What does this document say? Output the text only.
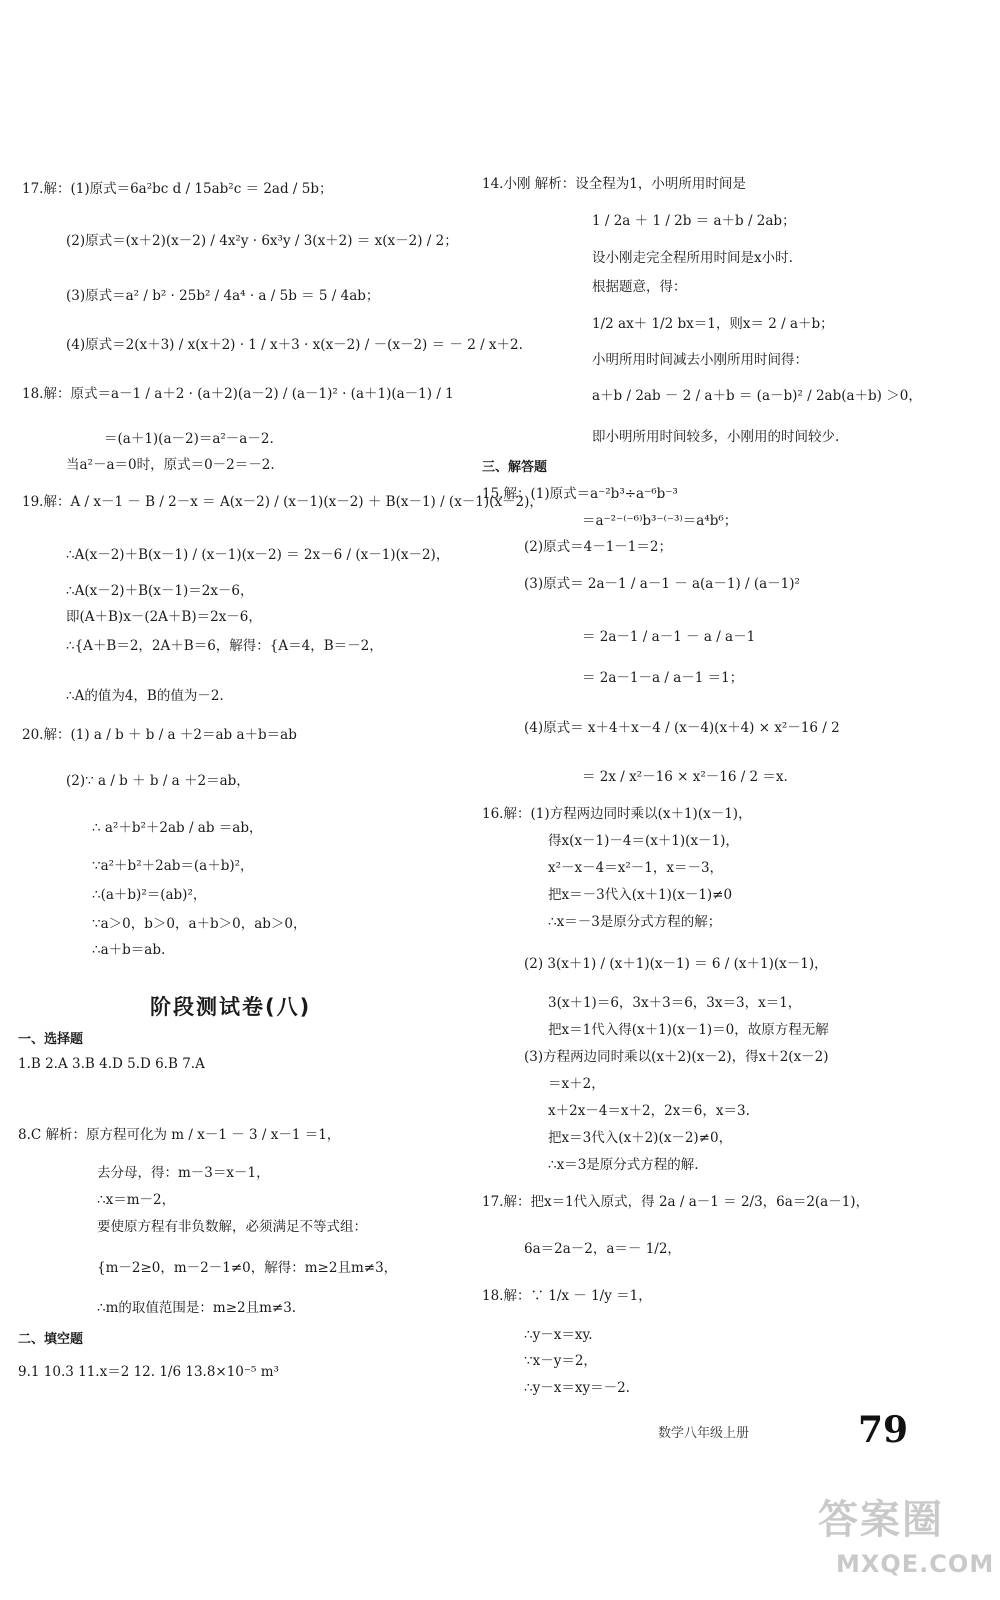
17.解：(1)原式＝6a²bc d / 15ab²c ＝ 2ad / 5b；
(2)原式＝(x＋2)(x－2) / 4x²y · 6x³y / 3(x＋2) ＝ x(x－2) / 2；
(3)原式＝a² / b² · 25b² / 4a⁴ · a / 5b ＝ 5 / 4ab；
(4)原式＝2(x＋3) / x(x＋2) · 1 / x＋3 · x(x－2) / －(x－2) ＝ － 2 / x＋2.
18.解：原式＝a－1 / a＋2 · (a＋2)(a－2) / (a－1)² · (a＋1)(a－1) / 1
＝(a＋1)(a－2)＝a²－a－2.
当a²－a＝0时，原式＝0－2＝－2.
19.解：A / x－1 － B / 2－x ＝ A(x－2) / (x－1)(x－2) ＋ B(x－1) / (x－1)(x－2)，
∴A(x－2)＋B(x－1) / (x－1)(x－2) ＝ 2x－6 / (x－1)(x－2)，
∴A(x－2)＋B(x－1)＝2x－6，
即(A＋B)x－(2A＋B)＝2x－6，
∴{A＋B＝2，2A＋B＝6，解得：{A＝4，B＝－2，
∴A的值为4，B的值为－2.
20.解：(1) a / b ＋ b / a ＋2＝ab a＋b＝ab
(2)∵ a / b ＋ b / a ＋2＝ab，
∴ a²＋b²＋2ab / ab ＝ab，
∵a²＋b²＋2ab＝(a＋b)²，
∴(a＋b)²＝(ab)²，
∵a＞0，b＞0，a＋b＞0，ab＞0，
∴a＋b＝ab.
1.B 2.A 3.B 4.D 5.D 6.B 7.A
8.C 解析：原方程可化为 m / x－1 － 3 / x－1 ＝1，
去分母，得：m－3＝x－1，
∴x＝m－2，
要使原方程有非负数解，必须满足不等式组：
{m－2≥0，m－2－1≠0，解得：m≥2且m≠3，
∴m的取值范围是：m≥2且m≠3.
9.1 10.3 11.x＝2 12. 1/6 13.8×10⁻⁵ m³
14.小刚 解析：设全程为1，小明所用时间是
1 / 2a ＋ 1 / 2b ＝ a＋b / 2ab；
设小刚走完全程所用时间是x小时.
根据题意，得：
1/2 ax＋ 1/2 bx＝1，则x＝ 2 / a＋b；
小明所用时间减去小刚所用时间得：
a＋b / 2ab － 2 / a＋b ＝ (a－b)² / 2ab(a＋b) ＞0，
即小明所用时间较多，小刚用的时间较少.
15.解：(1)原式＝a⁻²b³÷a⁻⁶b⁻³
＝a⁻²⁻⁽⁻⁶⁾b³⁻⁽⁻³⁾＝a⁴b⁶；
(2)原式＝4－1－1＝2；
(3)原式＝ 2a－1 / a－1 － a(a－1) / (a－1)²
＝ 2a－1 / a－1 － a / a－1
＝ 2a－1－a / a－1 ＝1；
(4)原式＝ x＋4＋x－4 / (x－4)(x＋4) × x²－16 / 2
＝ 2x / x²－16 × x²－16 / 2 ＝x.
16.解：(1)方程两边同时乘以(x＋1)(x－1)，
得x(x－1)－4＝(x＋1)(x－1)，
x²－x－4＝x²－1，x＝－3，
把x＝－3代入(x＋1)(x－1)≠0
∴x＝－3是原分式方程的解；
(2) 3(x＋1) / (x＋1)(x－1) ＝ 6 / (x＋1)(x－1)，
3(x＋1)＝6，3x＋3＝6，3x＝3，x＝1，
把x＝1代入得(x＋1)(x－1)＝0，故原方程无解
(3)方程两边同时乘以(x＋2)(x－2)，得x＋2(x－2)
＝x＋2，
x＋2x－4＝x＋2，2x＝6，x＝3.
把x＝3代入(x＋2)(x－2)≠0，
∴x＝3是原分式方程的解.
17.解：把x＝1代入原式，得 2a / a－1 ＝ 2/3，6a＝2(a－1)，
6a＝2a－2，a＝－ 1/2，
18.解：∵ 1/x － 1/y ＝1，
∴y－x＝xy.
∵x－y＝2，
∴y－x＝xy＝－2.
阶段测试卷(八)
一、选择题
二、填空题
三、解答题
数学八年级上册	79
答案圈
MXQE.COM
